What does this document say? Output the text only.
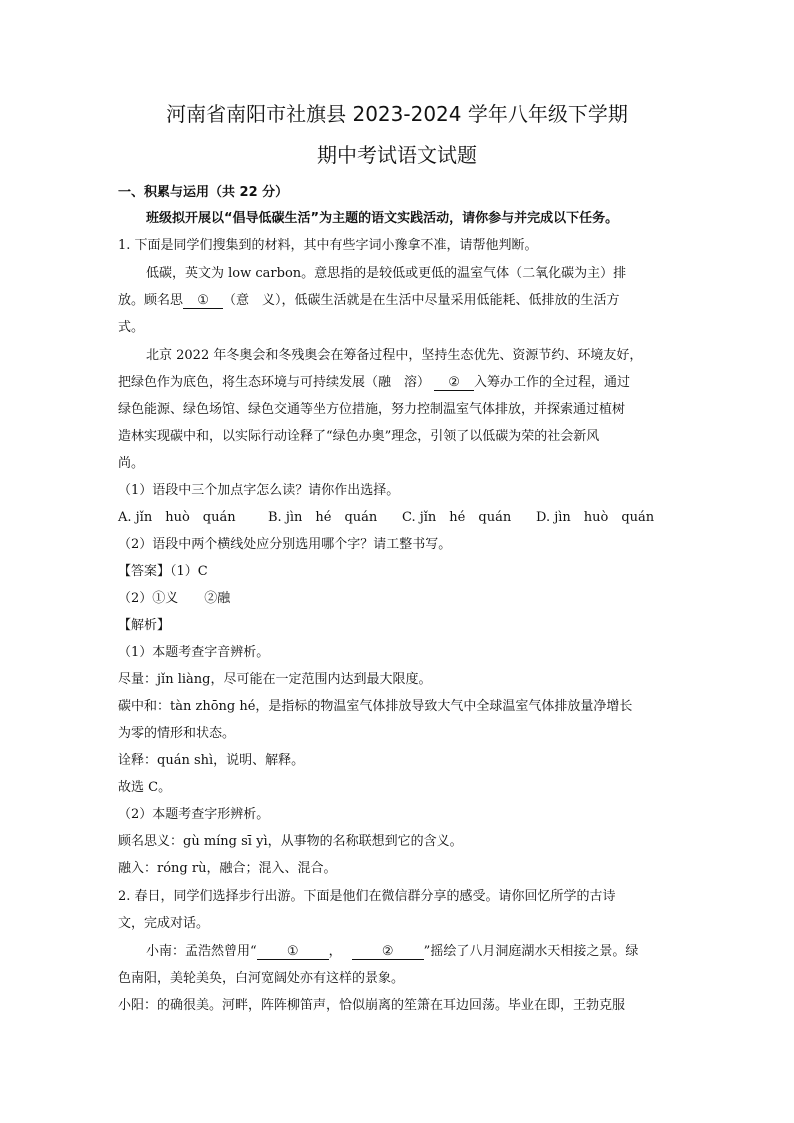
河南省南阳市社旗县 2023-2024 学年八年级下学期
期中考试语文试题
一、积累与运用（共 22 分）
班级拟开展以“倡导低碳生活”为主题的语文实践活动，请你参与并完成以下任务。
1. 下面是同学们搜集到的材料，其中有些字词小豫拿不准，请帮他判断。
低碳，英文为 low carbon。意思指的是较低或更低的温室气体（二氧化碳为主）排
放。顾名思 ① （意　义），低碳生活就是在生活中尽量采用低能耗、低排放的生活方
式。
北京 2022 年冬奥会和冬残奥会在筹备过程中，坚持生态优先、资源节约、环境友好，
把绿色作为底色，将生态环境与可持续发展（融　溶） ② 入筹办工作的全过程，通过
绿色能源、绿色场馆、绿色交通等坐方位措施，努力控制温室气体排放，并探索通过植树
造林实现碳中和，以实际行动诠释了“绿色办奥”理念，引领了以低碳为荣的社会新风
尚。
（1）语段中三个加点字怎么读？请你作出选择。
A. jǐn　huò　quán B. jìn　hé　quán C. jǐn　hé　quán D. jìn　huò　quán
（2）语段中两个横线处应分别选用哪个字？请工整书写。
【答案】（1）C
（2）①义　　②融
【解析】
（1）本题考查字音辨析。
尽量：jǐn liàng，尽可能在一定范围内达到最大限度。
碳中和：tàn zhōng hé，是指标的物温室气体排放导致大气中全球温室气体排放量净增长
为零的情形和状态。
诠释：quán shì，说明、解释。
故选 C。
（2）本题考查字形辨析。
顾名思义：gù míng sī yì，从事物的名称联想到它的含义。
融入：róng rù，融合；混入、混合。
2. 春日，同学们选择步行出游。下面是他们在微信群分享的感受。请你回忆所学的古诗
文，完成对话。
小南：孟浩然曾用“ ① ，	② ”摇绘了八月洞庭湖水天相接之景。绿
色南阳，美轮美奂，白河宽阔处亦有这样的景象。
小阳：的确很美。河畔，阵阵柳笛声，恰似崩离的笙箫在耳边回荡。毕业在即，王勃克服
